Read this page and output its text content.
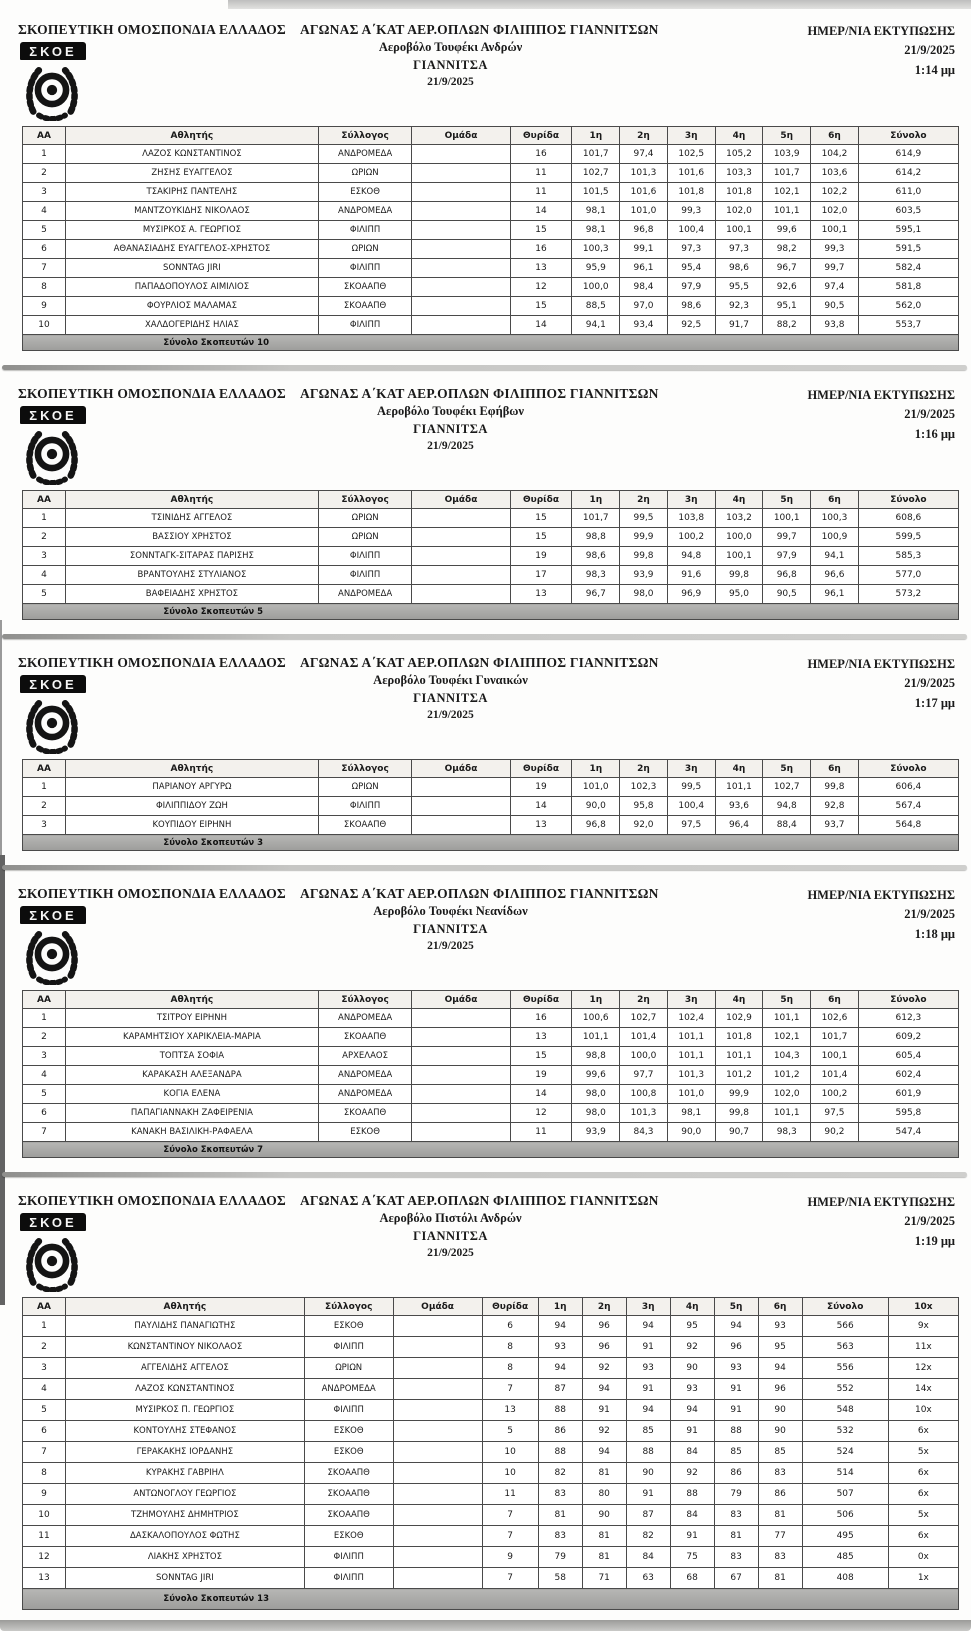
ΣΚΟΠΕΥΤΙΚΗ ΟΜΟΣΠΟΝΔΙΑ ΕΛΛΑΔΟΣ ΑΓΩΝΑΣ Α΄ΚΑΤ ΑΕΡ.ΟΠΛΩΝ ΦΙΛΙΠΠΟΣ ΓΙΑΝΝΙΤΣΩΝ
ΣΚΟΕ	Αεροβόλο Τουφέκι Ανδρών
ΓΙΑΝΝΙΤΣΑ
21/9/2025
ΗΜΕΡ/ΝΙΑ ΕΚΤΥΠΩΣΗΣ
21/9/2025
1:14 μμ
ΑΑ	Αθλητής	Σύλλογος	Ομάδα	Θυρίδα	1η	2η	3η	4η	5η	6η	Σύνολο
1	ΛΑΖΟΣ ΚΩΝΣΤΑΝΤΙΝΟΣ	ΑΝΔΡΟΜΕΔΑ		16	101,7	97,4	102,5	105,2	103,9	104,2	614,9
2	ΖΗΣΗΣ ΕΥΑΓΓΕΛΟΣ	ΩΡΙΩΝ		11	102,7	101,3	101,6	103,3	101,7	103,6	614,2
3	ΤΣΑΚΙΡΗΣ ΠΑΝΤΕΛΗΣ	ΕΣΚΟΘ		11	101,5	101,6	101,8	101,8	102,1	102,2	611,0
4	ΜΑΝΤΖΟΥΚΙΔΗΣ ΝΙΚΟΛΑΟΣ	ΑΝΔΡΟΜΕΔΑ		14	98,1	101,0	99,3	102,0	101,1	102,0	603,5
5	ΜΥΣΙΡΚΟΣ Α. ΓΕΩΡΓΙΟΣ	ΦΙΛΙΠΠ		15	98,1	96,8	100,4	100,1	99,6	100,1	595,1
6	ΑΘΑΝΑΣΙΑΔΗΣ ΕΥΑΓΓΕΛΟΣ-ΧΡΗΣΤΟΣ	ΩΡΙΩΝ		16	100,3	99,1	97,3	97,3	98,2	99,3	591,5
7	SONNTAG JIRI	ΦΙΛΙΠΠ		13	95,9	96,1	95,4	98,6	96,7	99,7	582,4
8	ΠΑΠΑΔΟΠΟΥΛΟΣ ΑΙΜΙΛΙΟΣ	ΣΚΟΑΑΠΘ		12	100,0	98,4	97,9	95,5	92,6	97,4	581,8
9	ΦΟΥΡΛΙΟΣ ΜΑΛΑΜΑΣ	ΣΚΟΑΑΠΘ		15	88,5	97,0	98,6	92,3	95,1	90,5	562,0
10	ΧΑΛΔΟΓΕΡΙΔΗΣ ΗΛΙΑΣ	ΦΙΛΙΠΠ		14	94,1	93,4	92,5	91,7	88,2	93,8	553,7
Σύνολο Σκοπευτών 10											
ΣΚΟΠΕΥΤΙΚΗ ΟΜΟΣΠΟΝΔΙΑ ΕΛΛΑΔΟΣ ΑΓΩΝΑΣ Α΄ΚΑΤ ΑΕΡ.ΟΠΛΩΝ ΦΙΛΙΠΠΟΣ ΓΙΑΝΝΙΤΣΩΝ
ΣΚΟΕ	Αεροβόλο Τουφέκι Εφήβων
ΓΙΑΝΝΙΤΣΑ
21/9/2025
ΗΜΕΡ/ΝΙΑ ΕΚΤΥΠΩΣΗΣ
21/9/2025
1:16 μμ
ΑΑ	Αθλητής	Σύλλογος	Ομάδα	Θυρίδα	1η	2η	3η	4η	5η	6η	Σύνολο
1	ΤΣΙΝΙΔΗΣ ΑΓΓΕΛΟΣ	ΩΡΙΩΝ		15	101,7	99,5	103,8	103,2	100,1	100,3	608,6
2	ΒΑΣΣΙΟΥ ΧΡΗΣΤΟΣ	ΩΡΙΩΝ		15	98,8	99,9	100,2	100,0	99,7	100,9	599,5
3	ΣΟΝΝΤΑΓΚ-ΣΙΤΑΡΑΣ ΠΑΡΙΣΗΣ	ΦΙΛΙΠΠ		19	98,6	99,8	94,8	100,1	97,9	94,1	585,3
4	ΒΡΑΝΤΟΥΛΗΣ ΣΤΥΛΙΑΝΟΣ	ΦΙΛΙΠΠ		17	98,3	93,9	91,6	99,8	96,8	96,6	577,0
5	ΒΑΦΕΙΑΔΗΣ ΧΡΗΣΤΟΣ	ΑΝΔΡΟΜΕΔΑ		13	96,7	98,0	96,9	95,0	90,5	96,1	573,2
Σύνολο Σκοπευτών 5											
ΣΚΟΠΕΥΤΙΚΗ ΟΜΟΣΠΟΝΔΙΑ ΕΛΛΑΔΟΣ ΑΓΩΝΑΣ Α΄ΚΑΤ ΑΕΡ.ΟΠΛΩΝ ΦΙΛΙΠΠΟΣ ΓΙΑΝΝΙΤΣΩΝ
ΣΚΟΕ	Αεροβόλο Τουφέκι Γυναικών
ΓΙΑΝΝΙΤΣΑ
21/9/2025
ΗΜΕΡ/ΝΙΑ ΕΚΤΥΠΩΣΗΣ
21/9/2025
1:17 μμ
ΑΑ	Αθλητής	Σύλλογος	Ομάδα	Θυρίδα	1η	2η	3η	4η	5η	6η	Σύνολο
1	ΠΑΡΙΑΝΟΥ ΑΡΓΥΡΩ	ΩΡΙΩΝ		19	101,0	102,3	99,5	101,1	102,7	99,8	606,4
2	ΦΙΛΙΠΠΙΔΟΥ ΖΩΗ	ΦΙΛΙΠΠ		14	90,0	95,8	100,4	93,6	94,8	92,8	567,4
3	ΚΟΥΠΙΔΟΥ ΕΙΡΗΝΗ	ΣΚΟΑΑΠΘ		13	96,8	92,0	97,5	96,4	88,4	93,7	564,8
Σύνολο Σκοπευτών 3											
ΣΚΟΠΕΥΤΙΚΗ ΟΜΟΣΠΟΝΔΙΑ ΕΛΛΑΔΟΣ ΑΓΩΝΑΣ Α΄ΚΑΤ ΑΕΡ.ΟΠΛΩΝ ΦΙΛΙΠΠΟΣ ΓΙΑΝΝΙΤΣΩΝ
ΣΚΟΕ	Αεροβόλο Τουφέκι Νεανίδων
ΓΙΑΝΝΙΤΣΑ
21/9/2025
ΗΜΕΡ/ΝΙΑ ΕΚΤΥΠΩΣΗΣ
21/9/2025
1:18 μμ
ΑΑ	Αθλητής	Σύλλογος	Ομάδα	Θυρίδα	1η	2η	3η	4η	5η	6η	Σύνολο
1	ΤΣΙΤΡΟΥ ΕΙΡΗΝΗ	ΑΝΔΡΟΜΕΔΑ		16	100,6	102,7	102,4	102,9	101,1	102,6	612,3
2	ΚΑΡΑΜΗΤΣΙΟΥ ΧΑΡΙΚΛΕΙΑ-ΜΑΡΙΑ	ΣΚΟΑΑΠΘ		13	101,1	101,4	101,1	101,8	102,1	101,7	609,2
3	ΤΟΠΤΣΑ ΣΟΦΙΑ	ΑΡΧΕΛΑΟΣ		15	98,8	100,0	101,1	101,1	104,3	100,1	605,4
4	ΚΑΡΑΚΑΣΗ ΑΛΕΞΑΝΔΡΑ	ΑΝΔΡΟΜΕΔΑ		19	99,6	97,7	101,3	101,2	101,2	101,4	602,4
5	ΚΟΓΙΑ ΕΛΕΝΑ	ΑΝΔΡΟΜΕΔΑ		14	98,0	100,8	101,0	99,9	102,0	100,2	601,9
6	ΠΑΠΑΓΙΑΝΝΑΚΗ ΖΑΦΕΙΡΕΝΙΑ	ΣΚΟΑΑΠΘ		12	98,0	101,3	98,1	99,8	101,1	97,5	595,8
7	ΚΑΝΑΚΗ ΒΑΣΙΛΙΚΗ-ΡΑΦΑΕΛΑ	ΕΣΚΟΘ		11	93,9	84,3	90,0	90,7	98,3	90,2	547,4
Σύνολο Σκοπευτών 7											
ΣΚΟΠΕΥΤΙΚΗ ΟΜΟΣΠΟΝΔΙΑ ΕΛΛΑΔΟΣ ΑΓΩΝΑΣ Α΄ΚΑΤ ΑΕΡ.ΟΠΛΩΝ ΦΙΛΙΠΠΟΣ ΓΙΑΝΝΙΤΣΩΝ
ΣΚΟΕ	Αεροβόλο Πιστόλι Ανδρών
ΓΙΑΝΝΙΤΣΑ
21/9/2025
ΗΜΕΡ/ΝΙΑ ΕΚΤΥΠΩΣΗΣ
21/9/2025
1:19 μμ
ΑΑ	Αθλητής	Σύλλογος	Ομάδα	Θυρίδα	1η	2η	3η	4η	5η	6η	Σύνολο	10x
1	ΠΑΥΛΙΔΗΣ ΠΑΝΑΓΙΩΤΗΣ	ΕΣΚΟΘ		6	94	96	94	95	94	93	566	9x
2	ΚΩΝΣΤΑΝΤΙΝΟΥ ΝΙΚΟΛΑΟΣ	ΦΙΛΙΠΠ		8	93	96	91	92	96	95	563	11x
3	ΑΓΓΕΛΙΔΗΣ ΑΓΓΕΛΟΣ	ΩΡΙΩΝ		8	94	92	93	90	93	94	556	12x
4	ΛΑΖΟΣ ΚΩΝΣΤΑΝΤΙΝΟΣ	ΑΝΔΡΟΜΕΔΑ		7	87	94	91	93	91	96	552	14x
5	ΜΥΣΙΡΚΟΣ Π. ΓΕΩΡΓΙΟΣ	ΦΙΛΙΠΠ		13	88	91	94	94	91	90	548	10x
6	ΚΟΝΤΟΥΛΗΣ ΣΤΕΦΑΝΟΣ	ΕΣΚΟΘ		5	86	92	85	91	88	90	532	6x
7	ΓΕΡΑΚΑΚΗΣ ΙΟΡΔΑΝΗΣ	ΕΣΚΟΘ		10	88	94	88	84	85	85	524	5x
8	ΚΥΡΑΚΗΣ ΓΑΒΡΙΗΛ	ΣΚΟΑΑΠΘ		10	82	81	90	92	86	83	514	6x
9	ΑΝΤΩΝΟΓΛΟΥ ΓΕΩΡΓΙΟΣ	ΣΚΟΑΑΠΘ		11	83	80	91	88	79	86	507	6x
10	ΤΖΗΜΟΥΛΗΣ ΔΗΜΗΤΡΙΟΣ	ΣΚΟΑΑΠΘ		7	81	90	87	84	83	81	506	5x
11	ΔΑΣΚΑΛΟΠΟΥΛΟΣ ΦΩΤΗΣ	ΕΣΚΟΘ		7	83	81	82	91	81	77	495	6x
12	ΛΙΑΚΗΣ ΧΡΗΣΤΟΣ	ΦΙΛΙΠΠ		9	79	81	84	75	83	83	485	0x
13	SONNTAG JIRI	ΦΙΛΙΠΠ		7	58	71	63	68	67	81	408	1x
Σύνολο Σκοπευτών 13												
